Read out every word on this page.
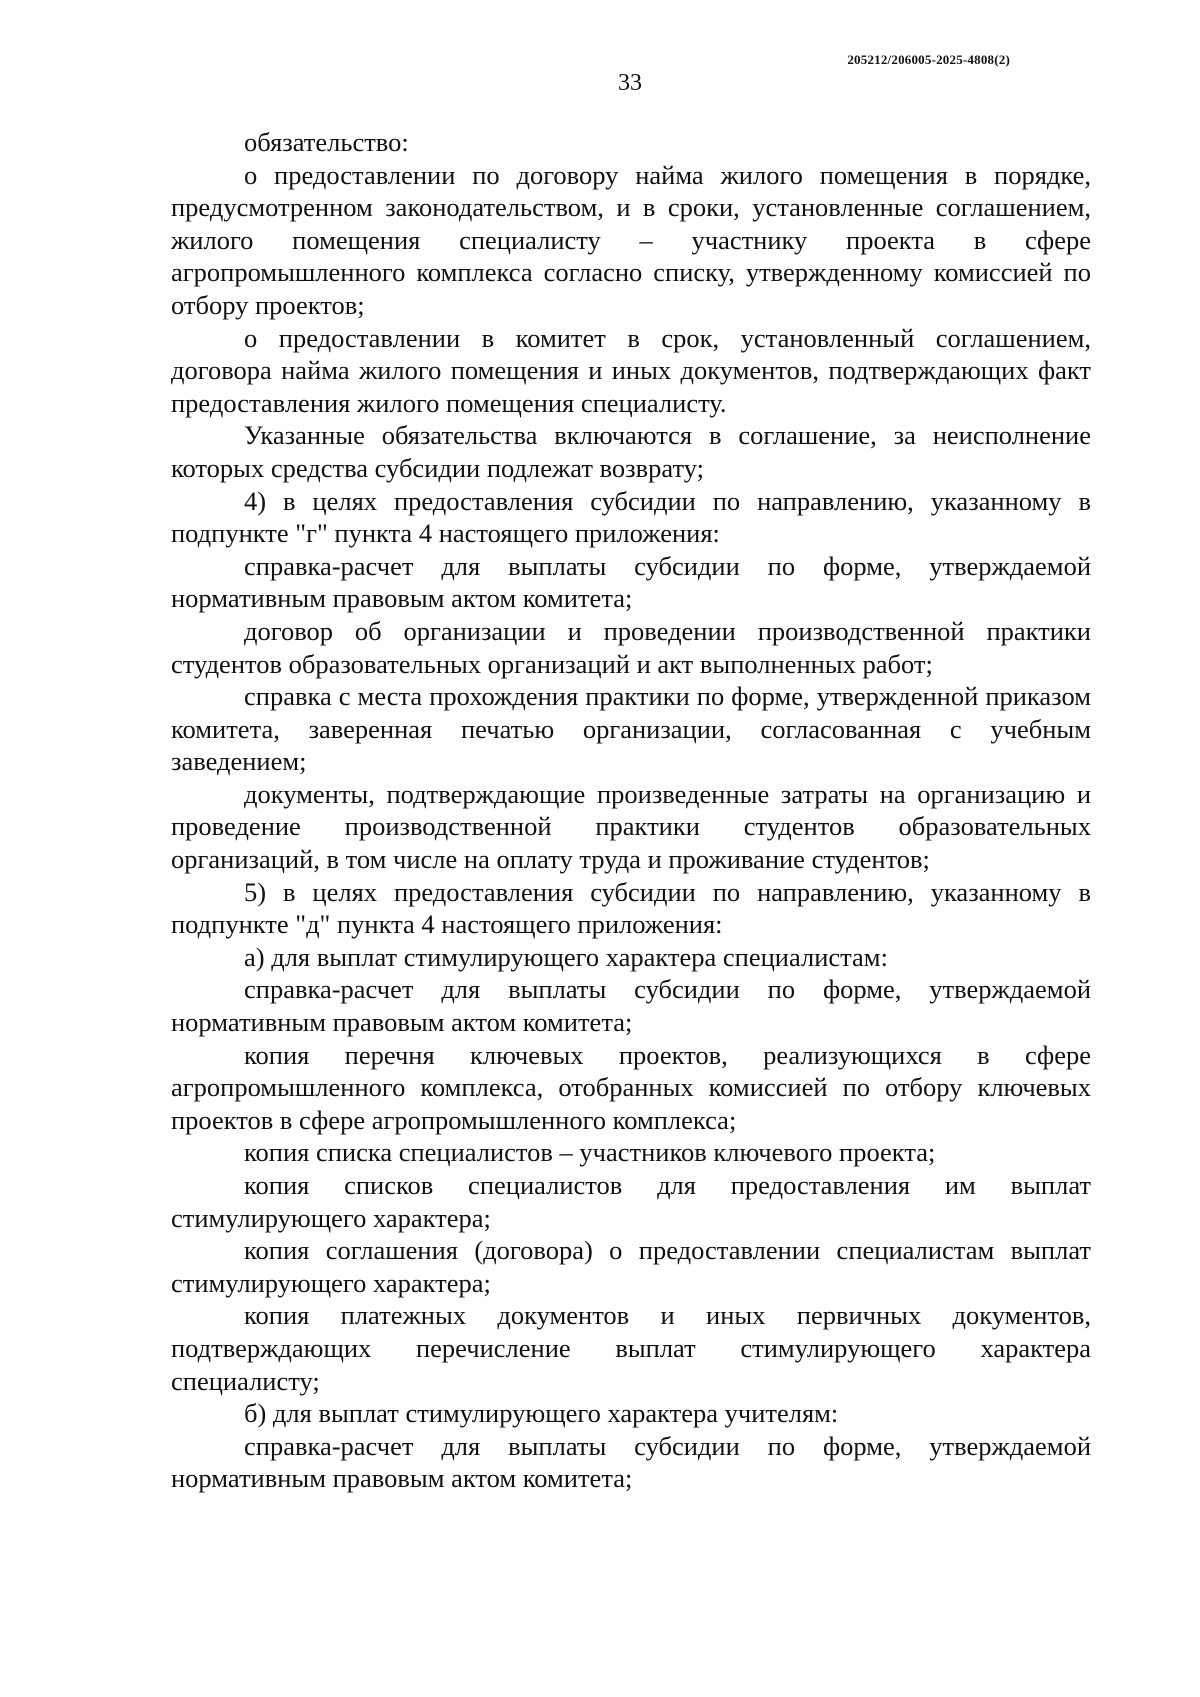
205212/206005-2025-4808(2)
33

обязательство:

о предоставлении по договору найма жилого помещения в порядке, предусмотренном законодательством, и в сроки, установленные соглашением, жилого помещения специалисту – участнику проекта в сфере агропромышленного комплекса согласно списку, утвержденному комиссией по отбору проектов;

о предоставлении в комитет в срок, установленный соглашением, договора найма жилого помещения и иных документов, подтверждающих факт предоставления жилого помещения специалисту.

Указанные обязательства включаются в соглашение, за неисполнение которых средства субсидии подлежат возврату;

4) в целях предоставления субсидии по направлению, указанному в подпункте "г" пункта 4 настоящего приложения:

справка-расчет для выплаты субсидии по форме, утверждаемой нормативным правовым актом комитета;

договор об организации и проведении производственной практики студентов образовательных организаций и акт выполненных работ;

справка с места прохождения практики по форме, утвержденной приказом комитета, заверенная печатью организации, согласованная с учебным заведением;

документы, подтверждающие произведенные затраты на организацию и проведение производственной практики студентов образовательных организаций, в том числе на оплату труда и проживание студентов;

5) в целях предоставления субсидии по направлению, указанному в подпункте "д" пункта 4 настоящего приложения:

а) для выплат стимулирующего характера специалистам:

справка-расчет для выплаты субсидии по форме, утверждаемой нормативным правовым актом комитета;

копия перечня ключевых проектов, реализующихся в сфере агропромышленного комплекса, отобранных комиссией по отбору ключевых проектов в сфере агропромышленного комплекса;

копия списка специалистов – участников ключевого проекта;

копия списков специалистов для предоставления им выплат стимулирующего характера;

копия соглашения (договора) о предоставлении специалистам выплат стимулирующего характера;

копия платежных документов и иных первичных документов, подтверждающих перечисление выплат стимулирующего характера специалисту;

б) для выплат стимулирующего характера учителям:

справка-расчет для выплаты субсидии по форме, утверждаемой нормативным правовым актом комитета;
